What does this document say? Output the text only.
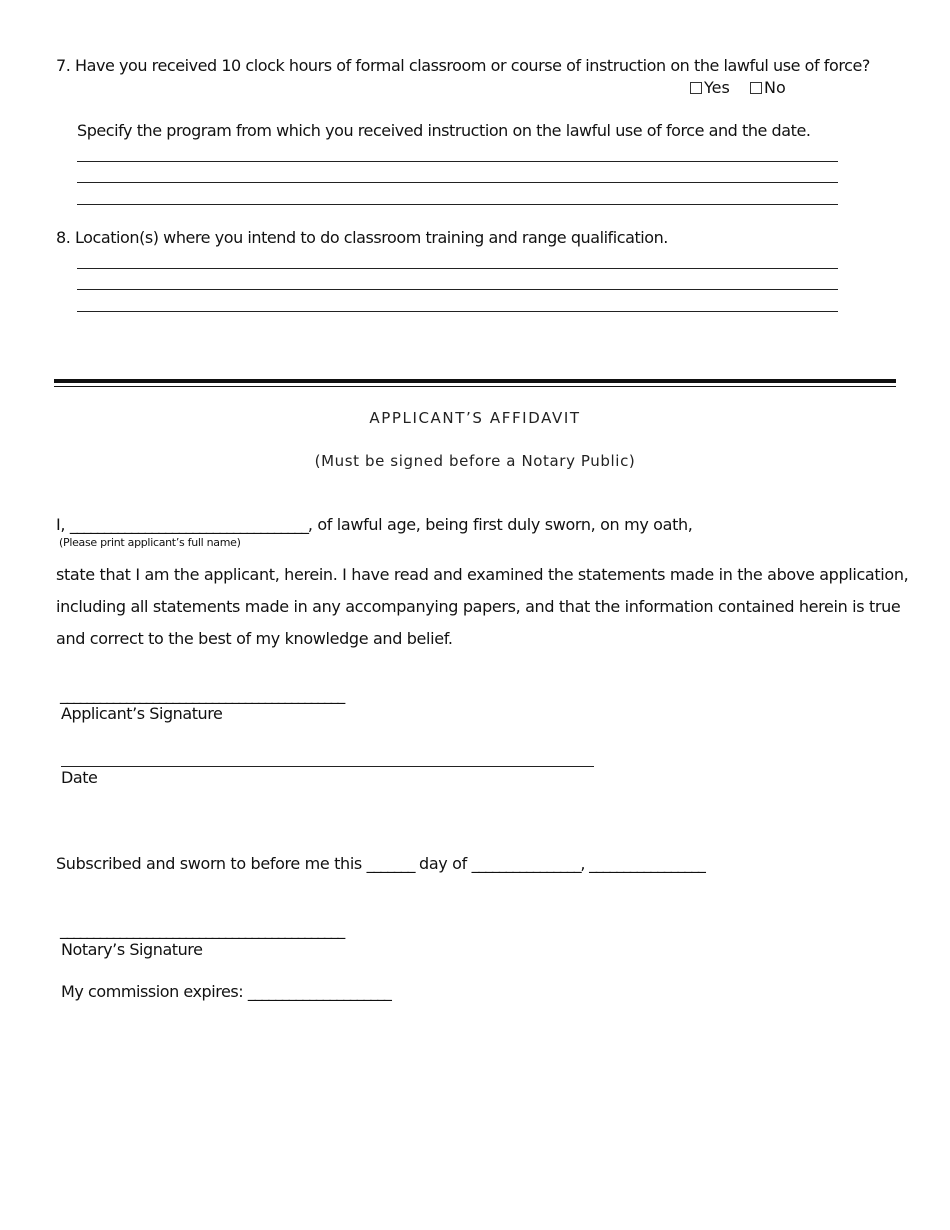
7. Have you received 10 clock hours of formal classroom or course of instruction on the lawful use of force?
Yes	No
Specify the program from which you received instruction on the lawful use of force and the date.
8. Location(s) where you intend to do classroom training and range qualification.
APPLICANT’S AFFIDAVIT
(Must be signed before a Notary Public)
I, ___________________________________, of lawful age, being first duly sworn, on my oath,
(Please print applicant’s full name)
state that I am the applicant, herein. I have read and examined the statements made in the above application,
including all statements made in any accompanying papers, and that the information contained herein is true
and correct to the best of my knowledge and belief.
___________________________________________
Applicant’s Signature
Date
Subscribed and sworn to before me this _______ day of ________________, _________________
___________________________________________
Notary’s Signature
My commission expires: _____________________
